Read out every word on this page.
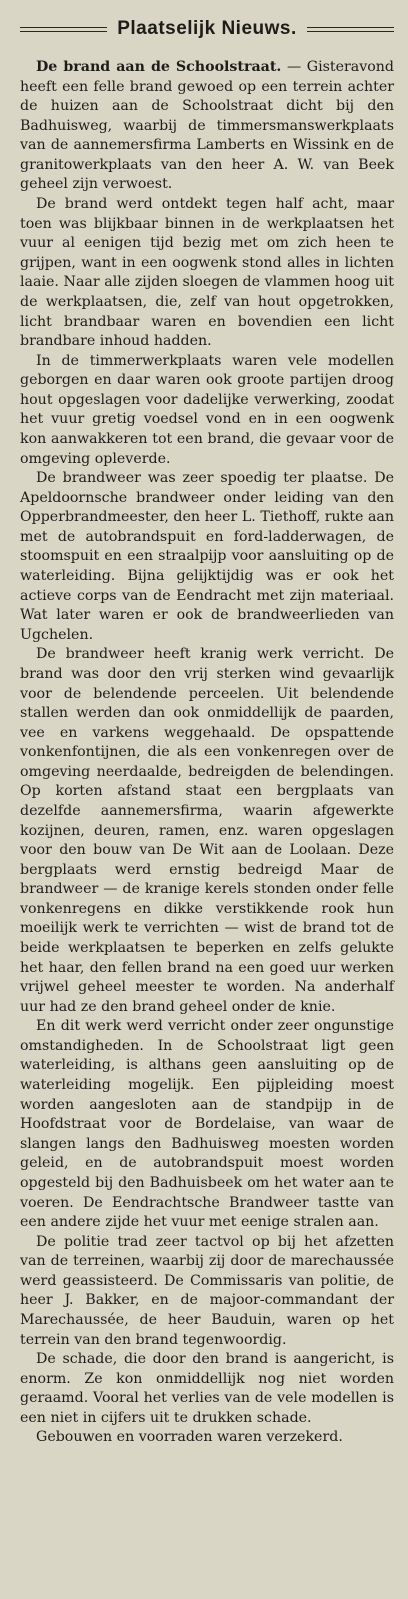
Plaatselijk Nieuws.

De brand aan de Schoolstraat. — Gisteravond heeft een felle brand gewoed op een terrein achter de huizen aan de Schoolstraat dicht bij den Badhuisweg, waarbij de timmersmanswerkplaats van de aannemersfirma Lamberts en Wissink en de granitowerkplaats van den heer A. W. van Beek geheel zijn verwoest.

De brand werd ontdekt tegen half acht, maar toen was blijkbaar binnen in de werkplaatsen het vuur al eenigen tijd bezig met om zich heen te grijpen, want in een oogwenk stond alles in lichten laaie. Naar alle zijden sloegen de vlammen hoog uit de werkplaatsen, die, zelf van hout opgetrokken, licht brandbaar waren en bovendien een licht brandbare inhoud hadden.

In de timmerwerkplaats waren vele modellen geborgen en daar waren ook groote partijen droog hout opgeslagen voor dadelijke verwerking, zoodat het vuur gretig voedsel vond en in een oogwenk kon aanwakkeren tot een brand, die gevaar voor de omgeving opleverde.

De brandweer was zeer spoedig ter plaatse. De Apeldoornsche brandweer onder leiding van den Opperbrandmeester, den heer L. Tiethoff, rukte aan met de autobrandspuit en ford-ladderwagen, de stoomspuit en een straalpijp voor aansluiting op de waterleiding. Bijna gelijktijdig was er ook het actieve corps van de Eendracht met zijn materiaal. Wat later waren er ook de brandweerlieden van Ugchelen.

De brandweer heeft kranig werk verricht. De brand was door den vrij sterken wind gevaarlijk voor de belendende perceelen. Uit belendende stallen werden dan ook onmiddellijk de paarden, vee en varkens weggehaald. De opspattende vonkenfontijnen, die als een vonkenregen over de omgeving neerdaalde, bedreigden de belendingen. Op korten afstand staat een bergplaats van dezelfde aannemersfirma, waarin afgewerkte kozijnen, deuren, ramen, enz. waren opgeslagen voor den bouw van De Wit aan de Loolaan. Deze bergplaats werd ernstig bedreigd Maar de brandweer — de kranige kerels stonden onder felle vonkenregens en dikke verstikkende rook hun moeilijk werk te verrichten — wist de brand tot de beide werkplaatsen te beperken en zelfs gelukte het haar, den fellen brand na een goed uur werken vrijwel geheel meester te worden. Na anderhalf uur had ze den brand geheel onder de knie.

En dit werk werd verricht onder zeer ongunstige omstandigheden. In de Schoolstraat ligt geen waterleiding, is althans geen aansluiting op de waterleiding mogelijk. Een pijpleiding moest worden aangesloten aan de standpijp in de Hoofdstraat voor de Bordelaise, van waar de slangen langs den Badhuisweg moesten worden geleid, en de autobrandspuit moest worden opgesteld bij den Badhuisbeek om het water aan te voeren. De Eendrachtsche Brandweer tastte van een andere zijde het vuur met eenige stralen aan.

De politie trad zeer tactvol op bij het afzetten van de terreinen, waarbij zij door de marechaussée werd geassisteerd. De Commissaris van politie, de heer J. Bakker, en de majoor-commandant der Marechaussée, de heer Bauduin, waren op het terrein van den brand tegenwoordig.

De schade, die door den brand is aangericht, is enorm. Ze kon onmiddellijk nog niet worden geraamd. Vooral het verlies van de vele modellen is een niet in cijfers uit te drukken schade.

Gebouwen en voorraden waren verzekerd.
